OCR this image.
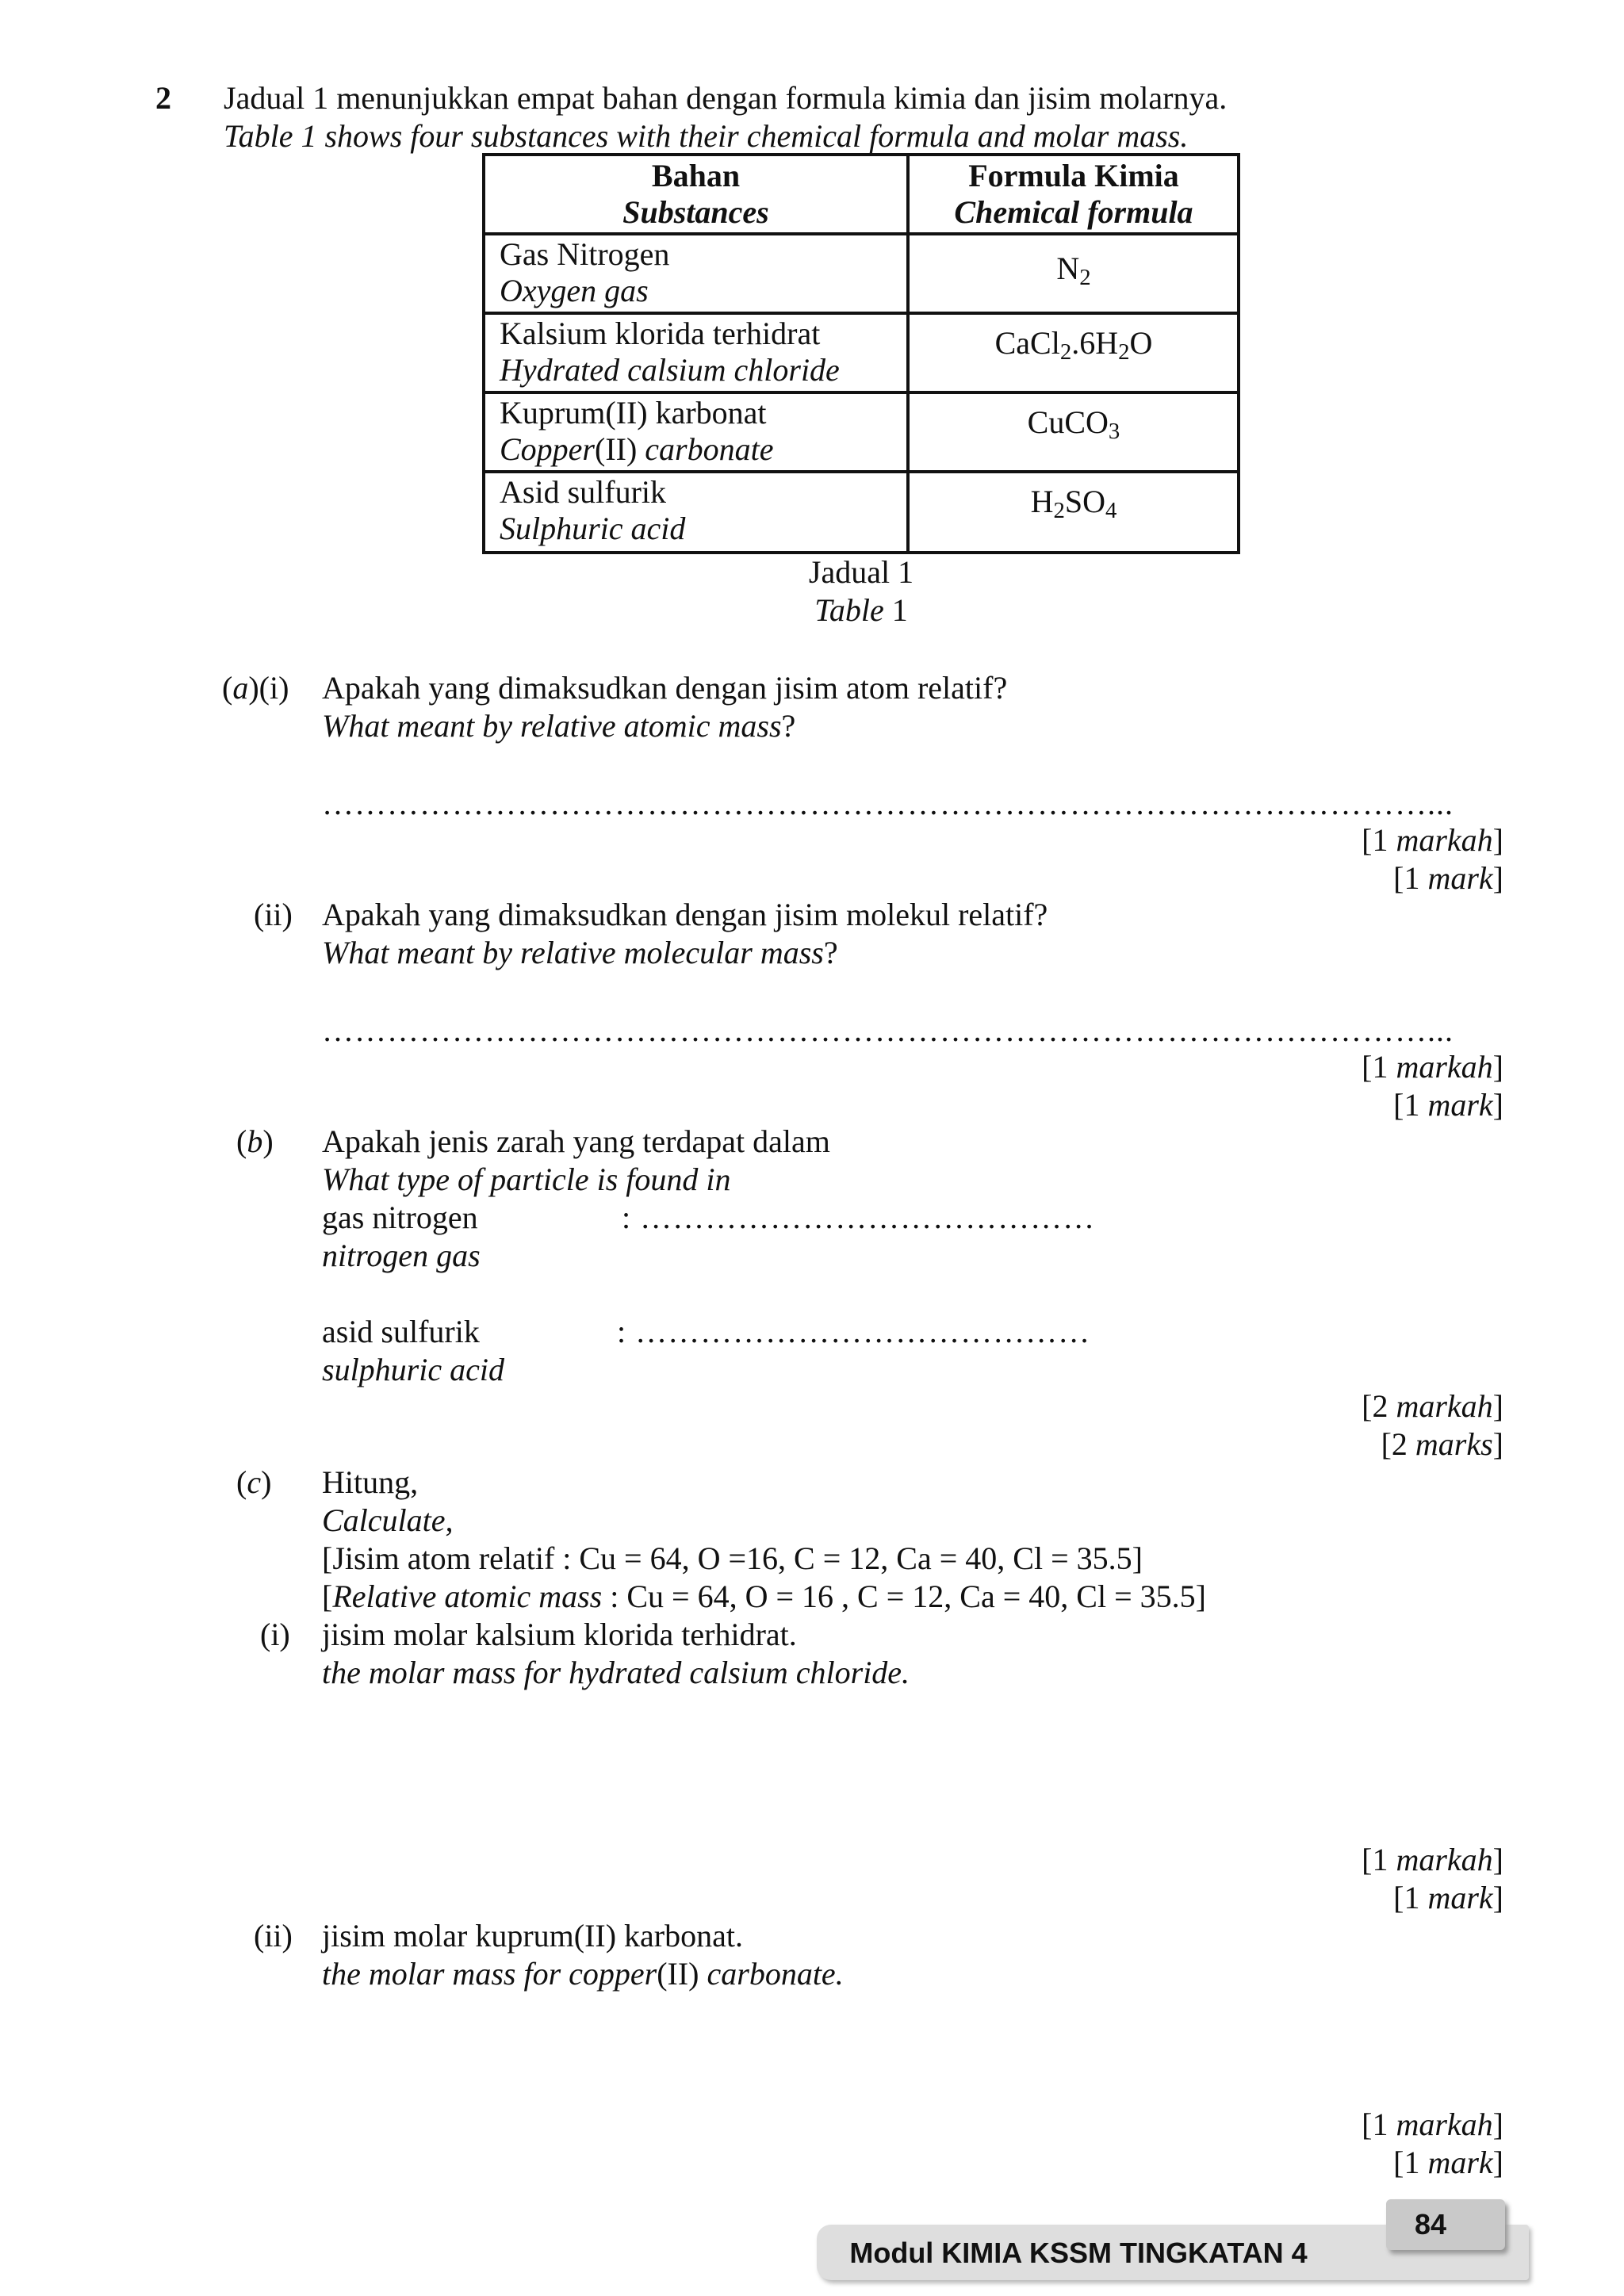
2 Jadual 1 menunjukkan empat bahan dengan formula kimia dan jisim molarnya.
Table 1 shows four substances with their chemical formula and molar mass.
Bahan
Substances
Formula Kimia
Chemical formula
Gas Nitrogen
Oxygen gas
$N_2$
Kalsium klorida terhidrat
Hydrated calsium chloride
$CaCl_2.6H_2O$
Kuprum(II) karbonat
Copper(II) carbonate
CuCO$_3$
Asid sulfurik
Sulphuric acid
$H_2SO_4$
Jadual 1
Table 1
(a)(i) Apakah yang dimaksudkan dengan jisim atom relatif?
What meant by relative atomic mass?
…………………………………………………………………………………………...
[1 markah]
[1 mark]
(ii) Apakah yang dimaksudkan dengan jisim molekul relatif?
What meant by relative molecular mass?
…………………………………………………………………………………………...
[1 markah]
[1 mark]
(b) Apakah jenis zarah yang terdapat dalam
What type of particle is found in
gas nitrogen	: ……………………………………
nitrogen gas
asid sulfurik	: ……………………………………
sulphuric acid
[2 markah]
[2 marks]
(c) Hitung,
Calculate,
[Jisim atom relatif : Cu = 64, O =16, C = 12, Ca = 40, Cl = 35.5]
[Relative atomic mass : Cu = 64, O = 16 , C = 12, Ca = 40, Cl = 35.5]
(i) jisim molar kalsium klorida terhidrat.
the molar mass for hydrated calsium chloride.
[1 markah]
[1 mark]
(ii) jisim molar kuprum(II) karbonat.
the molar mass for copper(II) carbonate.
[1 markah]
[1 mark]
Modul KIMIA KSSM TINGKATAN 4
84
